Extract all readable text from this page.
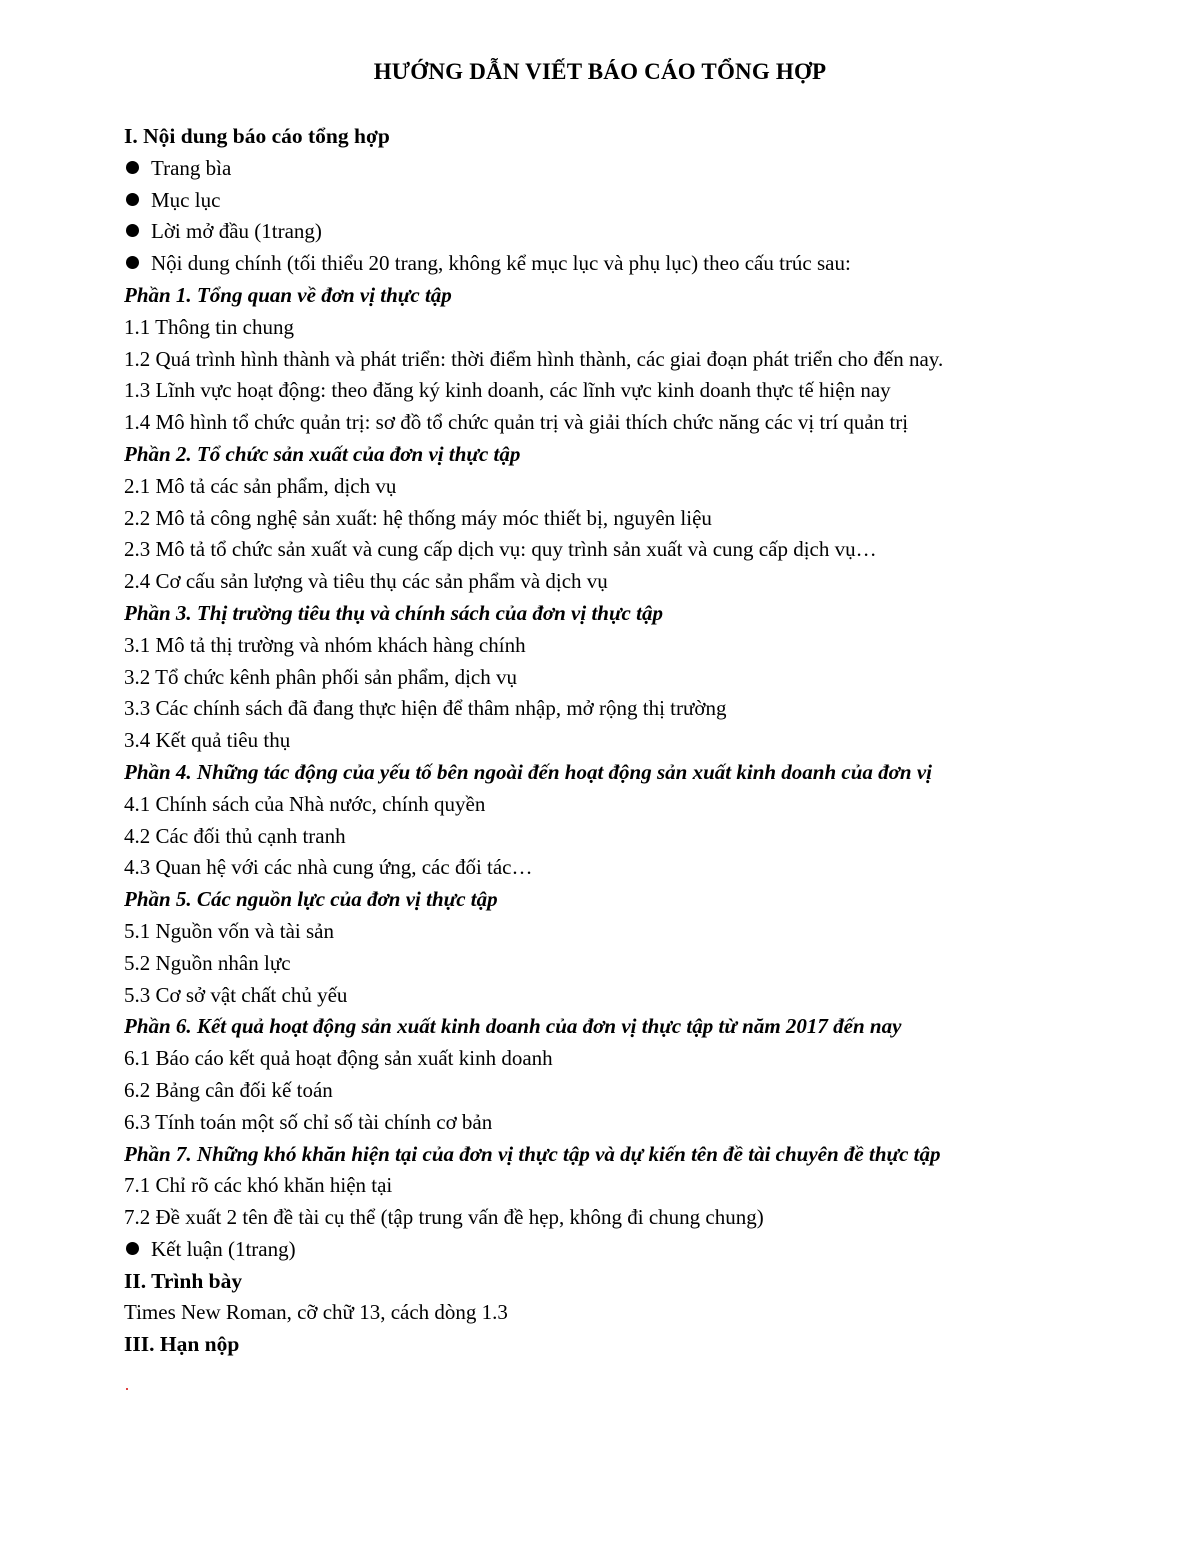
HƯỚNG DẪN VIẾT BÁO CÁO TỔNG HỢP
I. Nội dung báo cáo tổng hợp
Trang bìa
Mục lục
Lời mở đầu (1trang)
Nội dung chính (tối thiểu 20 trang, không kể mục lục và phụ lục) theo cấu trúc sau:
Phần 1. Tổng quan về đơn vị thực tập
1.1 Thông tin chung
1.2 Quá trình hình thành và phát triển: thời điểm hình thành, các giai đoạn phát triển cho đến nay.
1.3 Lĩnh vực hoạt động: theo đăng ký kinh doanh, các lĩnh vực kinh doanh thực tế hiện nay
1.4 Mô hình tổ chức quản trị: sơ đồ tổ chức quản trị và giải thích chức năng các vị trí quản trị
Phần 2. Tổ chức sản xuất của đơn vị thực tập
2.1 Mô tả các sản phẩm, dịch vụ
2.2 Mô tả công nghệ sản xuất: hệ thống máy móc thiết bị, nguyên liệu
2.3 Mô tả tổ chức sản xuất và cung cấp dịch vụ: quy trình sản xuất và cung cấp dịch vụ…
2.4 Cơ cấu sản lượng và tiêu thụ các sản phẩm và dịch vụ
Phần 3. Thị trường tiêu thụ và chính sách của đơn vị thực tập
3.1 Mô tả thị trường và nhóm khách hàng chính
3.2 Tổ chức kênh phân phối sản phẩm, dịch vụ
3.3 Các chính sách đã đang thực hiện để thâm nhập, mở rộng thị trường
3.4 Kết quả tiêu thụ
Phần 4. Những tác động của yếu tố bên ngoài đến hoạt động sản xuất kinh doanh của đơn vị
4.1 Chính sách của Nhà nước, chính quyền
4.2 Các đối thủ cạnh tranh
4.3 Quan hệ với các nhà cung ứng, các đối tác…
Phần 5. Các nguồn lực của đơn vị thực tập
5.1 Nguồn vốn và tài sản
5.2 Nguồn nhân lực
5.3 Cơ sở vật chất chủ yếu
Phần 6. Kết quả hoạt động sản xuất kinh doanh của đơn vị thực tập từ năm 2017 đến nay
6.1 Báo cáo kết quả hoạt động sản xuất kinh doanh
6.2 Bảng cân đối kế toán
6.3 Tính toán một số chỉ số tài chính cơ bản
Phần 7. Những khó khăn hiện tại của đơn vị thực tập và dự kiến tên đề tài chuyên đề thực tập
7.1 Chỉ rõ các khó khăn hiện tại
7.2 Đề xuất 2 tên đề tài cụ thể (tập trung vấn đề hẹp, không đi chung chung)
Kết luận (1trang)
II. Trình bày
Times New Roman, cỡ chữ 13, cách dòng 1.3
III. Hạn nộp
